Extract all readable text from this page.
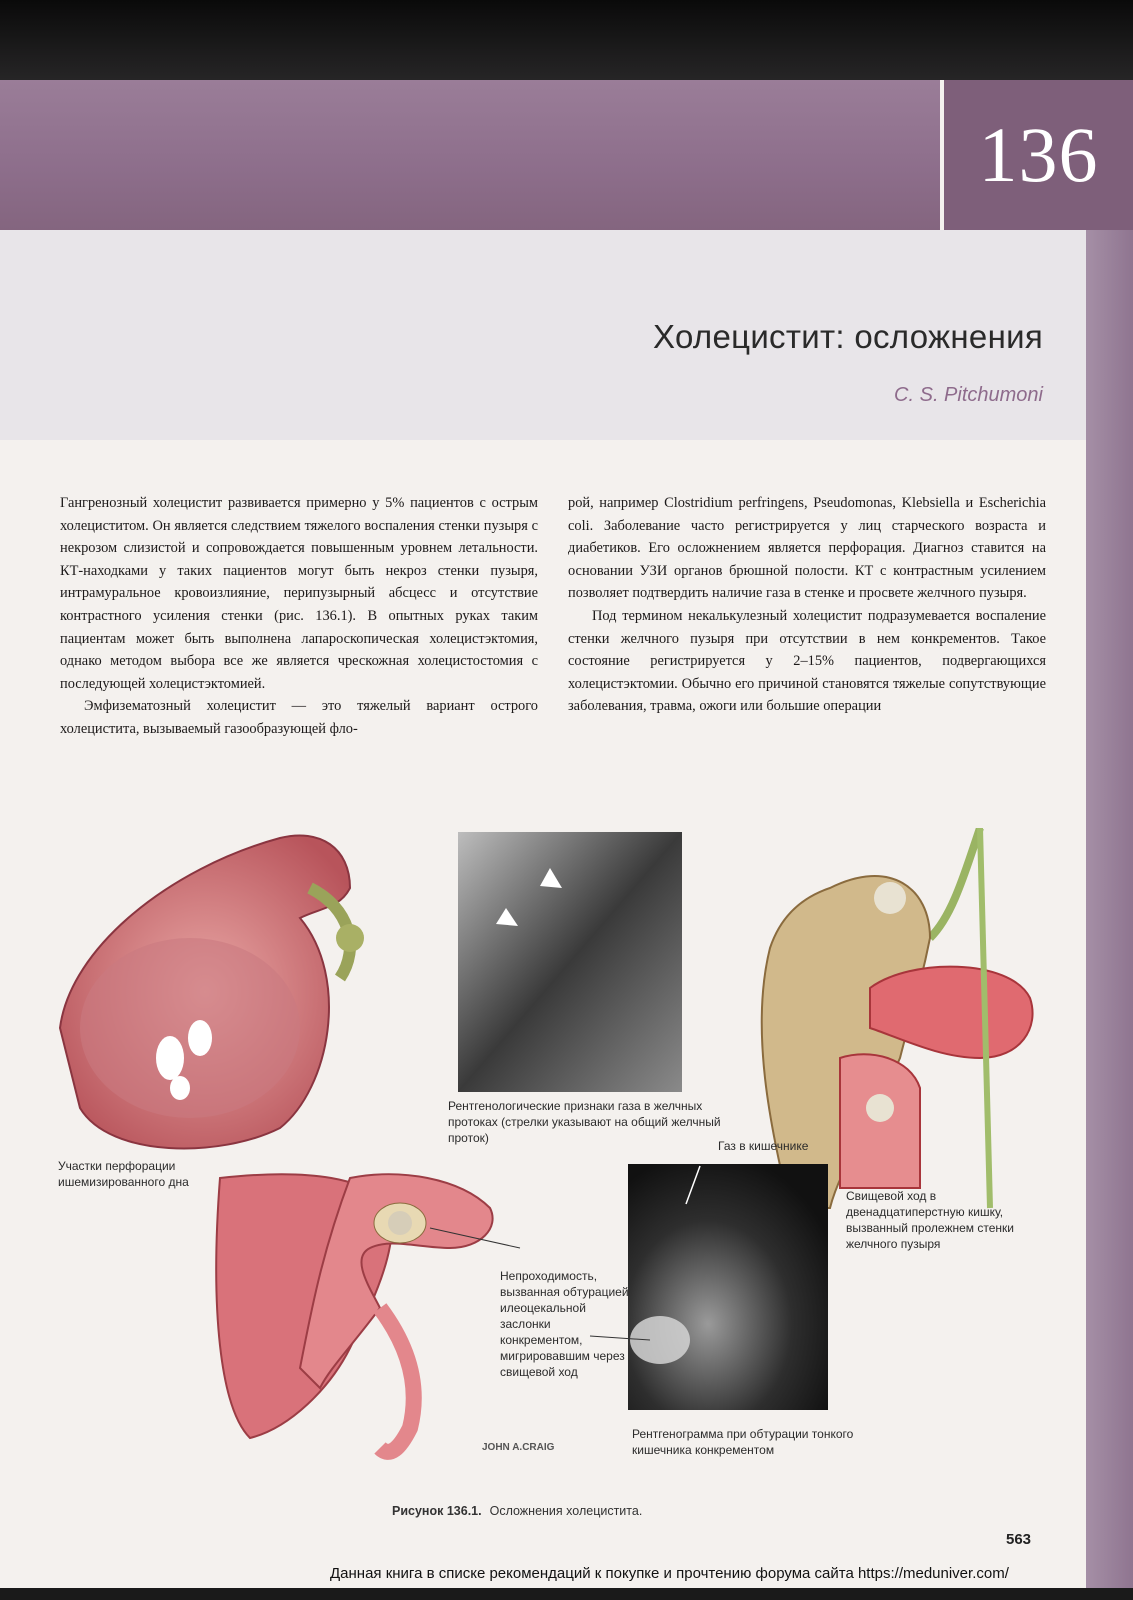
136
Холецистит: осложнения
C. S. Pitchumoni

Гангренозный холецистит развивается примерно у 5% пациентов с острым холециститом. Он является следствием тяжелого воспаления стенки пузыря с некрозом слизистой и сопровождается повышенным уровнем летальности. КТ-находками у таких пациентов могут быть некроз стенки пузыря, интрамуральное кровоизлияние, перипузырный абсцесс и отсутствие контрастного усиления стенки (рис. 136.1). В опытных руках таким пациентам может быть выполнена лапароскопическая холецистэктомия, однако методом выбора все же является чрескожная холецистостомия с последующей холецистэктомией.

Эмфизематозный холецистит — это тяжелый вариант острого холецистита, вызываемый газообразующей фло-

рой, например Clostridium perfringens, Pseudomonas, Klebsiella и Escherichia coli. Заболевание часто регистрируется у лиц старческого возраста и диабетиков. Его осложнением является перфорация. Диагноз ставится на основании УЗИ органов брюшной полости. КТ с контрастным усилением позволяет подтвердить наличие газа в стенке и просвете желчного пузыря.

Под термином некалькулезный холецистит подразумевается воспаление стенки желчного пузыря при отсутствии в нем конкрементов. Такое состояние регистрируется у 2–15% пациентов, подвергающихся холецистэктомии. Обычно его причиной становятся тяжелые сопутствующие заболевания, травма, ожоги или большие операции

Рентгенологические признаки газа в желчных протоках (стрелки указывают на общий желчный проток)
Участки перфорации ишемизированного дна
Газ в кишечнике
Свищевой ход в двенадцатиперстную кишку, вызванный пролежнем стенки желчного пузыря
Непроходимость, вызванная обтурацией илеоцекальной заслонки конкрементом, мигрировавшим через свищевой ход
Рентгенограмма при обтурации тонкого кишечника конкрементом
JOHN A.CRAIG
Рисунок 136.1. Осложнения холецистита.
563
Данная книга в списке рекомендаций к покупке и прочтению форума сайта https://meduniver.com/
